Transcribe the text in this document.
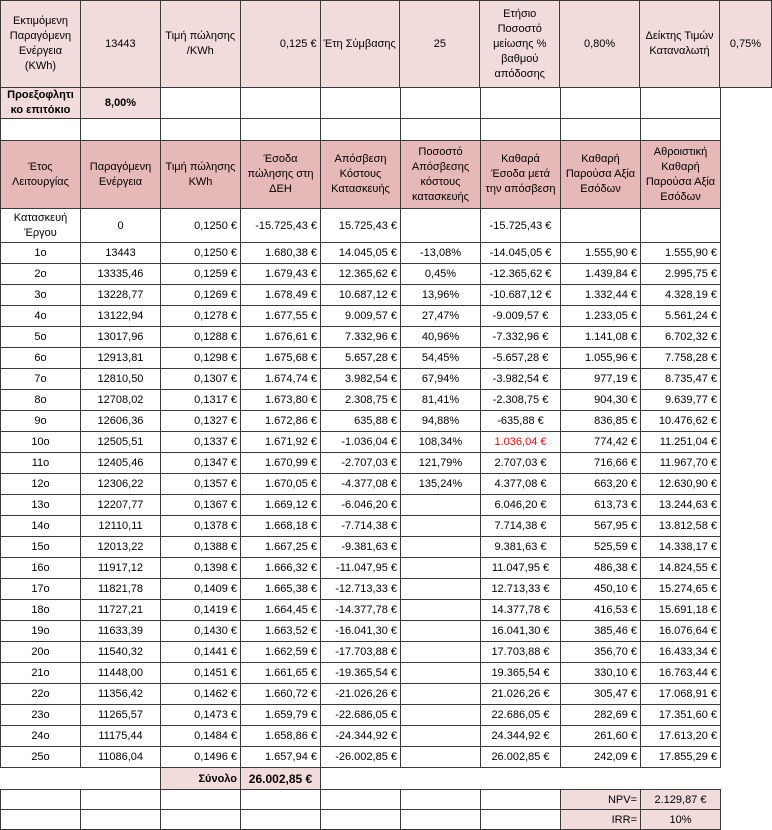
Εκτιμόμενη Παραγόμενη Ενέργεια (KWh)	13443	Τιμή πώλησης /KWh	0,125 €	Έτη Σύμβασης	25	Ετήσιο Ποσοστό μείωσης % βαθμού απόδοσης	0,80%	Δείκτης Τιμών Καταναλωτή	0,75%
Προεξοφλητι κο επιτόκιο	8,00%							

Έτος Λειτουργίας	Παραγόμενη Ενέργεια	Τιμή πώλησης KWh	Έσοδα πώλησης στη ΔΕΗ	Απόσβεση Κόστους Κατασκευής	Ποσοστό Απόσβεσης κόστους κατασκευής	Καθαρά Έσοδα μετά την απόσβεση	Καθαρή Παρούσα Αξία Εσόδων	Αθροιστική Καθαρή Παρούσα Αξία Εσόδων
Κατασκευή Έργου	0	0,1250 €	-15.725,43 €	15.725,43 €		-15.725,43 €		
1ο	13443	0,1250 €	1.680,38 €	14.045,05 €	-13,08%	-14.045,05 €	1.555,90 €	1.555,90 €
2ο	13335,46	0,1259 €	1.679,43 €	12.365,62 €	0,45%	-12.365,62 €	1.439,84 €	2.995,75 €
3ο	13228,77	0,1269 €	1.678,49 €	10.687,12 €	13,96%	-10.687,12 €	1.332,44 €	4.328,19 €
4ο	13122,94	0,1278 €	1.677,55 €	9.009,57 €	27,47%	-9.009,57 €	1.233,05 €	5.561,24 €
5ο	13017,96	0,1288 €	1.676,61 €	7.332,96 €	40,96%	-7.332,96 €	1.141,08 €	6.702,32 €
6ο	12913,81	0,1298 €	1.675,68 €	5.657,28 €	54,45%	-5.657,28 €	1.055,96 €	7.758,28 €
7ο	12810,50	0,1307 €	1.674,74 €	3.982,54 €	67,94%	-3.982,54 €	977,19 €	8.735,47 €
8ο	12708,02	0,1317 €	1.673,80 €	2.308,75 €	81,41%	-2.308,75 €	904,30 €	9.639,77 €
9ο	12606,36	0,1327 €	1.672,86 €	635,88 €	94,88%	-635,88 €	836,85 €	10.476,62 €
10ο	12505,51	0,1337 €	1.671,92 €	-1.036,04 €	108,34%	1.036,04 €	774,42 €	11.251,04 €
11ο	12405,46	0,1347 €	1.670,99 €	-2.707,03 €	121,79%	2.707,03 €	716,66 €	11.967,70 €
12ο	12306,22	0,1357 €	1.670,05 €	-4.377,08 €	135,24%	4.377,08 €	663,20 €	12.630,90 €
13ο	12207,77	0,1367 €	1.669,12 €	-6.046,20 €		6.046,20 €	613,73 €	13.244,63 €
14ο	12110,11	0,1378 €	1.668,18 €	-7.714,38 €		7.714,38 €	567,95 €	13.812,58 €
15ο	12013,22	0,1388 €	1.667,25 €	-9.381,63 €		9.381,63 €	525,59 €	14.338,17 €
16ο	11917,12	0,1398 €	1.666,32 €	-11.047,95 €		11.047,95 €	486,38 €	14.824,55 €
17ο	11821,78	0,1409 €	1.665,38 €	-12.713,33 €		12.713,33 €	450,10 €	15.274,65 €
18ο	11727,21	0,1419 €	1.664,45 €	-14.377,78 €		14.377,78 €	416,53 €	15.691,18 €
19ο	11633,39	0,1430 €	1.663,52 €	-16.041,30 €		16.041,30 €	385,46 €	16.076,64 €
20ο	11540,32	0,1441 €	1.662,59 €	-17.703,88 €		17.703,88 €	356,70 €	16.433,34 €
21ο	11448,00	0,1451 €	1.661,65 €	-19.365,54 €		19.365,54 €	330,10 €	16.763,44 €
22ο	11356,42	0,1462 €	1.660,72 €	-21.026,26 €		21.026,26 €	305,47 €	17.068,91 €
23ο	11265,57	0,1473 €	1.659,79 €	-22.686,05 €		22.686,05 €	282,69 €	17.351,60 €
24ο	11175,44	0,1484 €	1.658,86 €	-24.344,92 €		24.344,92 €	261,60 €	17.613,20 €
25ο	11086,04	0,1496 €	1.657,94 €	-26.002,85 €		26.002,85 €	242,09 €	17.855,29 €
		Σύνολο	26.002,85 €					
							NPV=	2.129,87 €
							IRR=	10%
